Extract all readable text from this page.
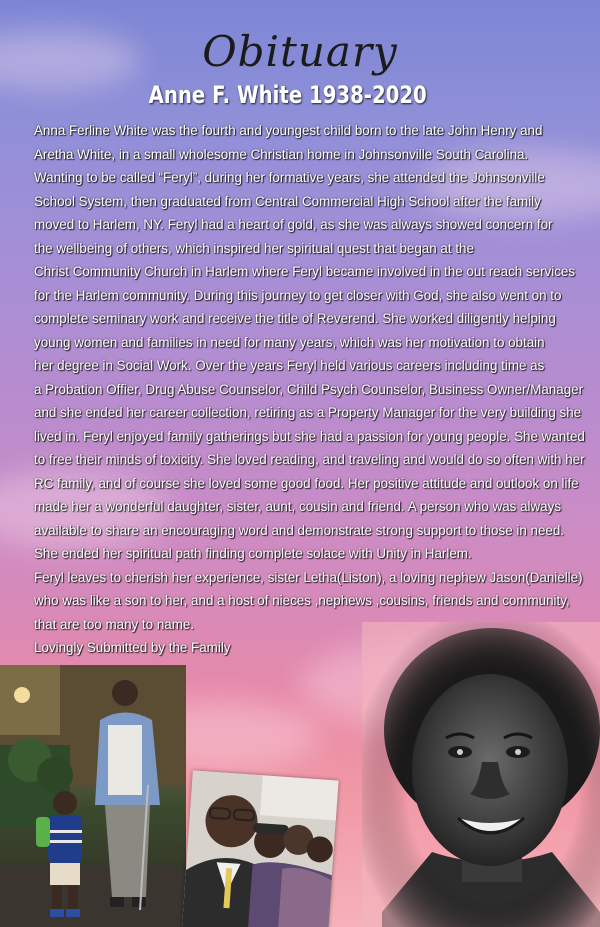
Obituary
Anne F. White 1938-2020
Anna Ferline White was the fourth and youngest child born to the late John Henry and
Aretha White, in a small wholesome Christian home in Johnsonville South Carolina.
Wanting to be called “Feryl”, during her formative years, she attended the Johnsonville
School System, then graduated from Central Commercial High School after the family
moved to Harlem, NY. Feryl had a heart of gold, as she was always showed concern for
the wellbeing of others, which inspired her spiritual quest that began at the
Christ Community Church in Harlem where Feryl became involved in the out reach services
for the Harlem community. During this journey to get closer with God, she also went on to
complete seminary work and receive the title of Reverend. She worked diligently helping
young women and families in need for many years, which was her motivation to obtain
her degree in Social Work. Over the years Feryl held various careers including time as
a Probation Offier, Drug Abuse Counselor, Child Psych Counselor, Business Owner/Manager
and she ended her career collection, retiring as a Property Manager for the very building she
lived in. Feryl enjoyed family gatherings but she had a passion for young people. She wanted
to free their minds of toxicity. She loved reading, and traveling and would do so often with her
RC family, and of course she loved some good food. Her positive attitude and outlook on life
made her a wonderful daughter, sister, aunt, cousin and friend. A person who was always
available to share an encouraging word and demonstrate strong support to those in need.
She ended her spiritual path finding complete solace with Unity in Harlem.
Feryl leaves to cherish her experience, sister Letha(Liston), a loving nephew Jason(Danielle)
who was like a son to her, and a host of nieces ,nephews ,cousins, friends and community,
that are too many to name.
Lovingly Submitted by the Family
